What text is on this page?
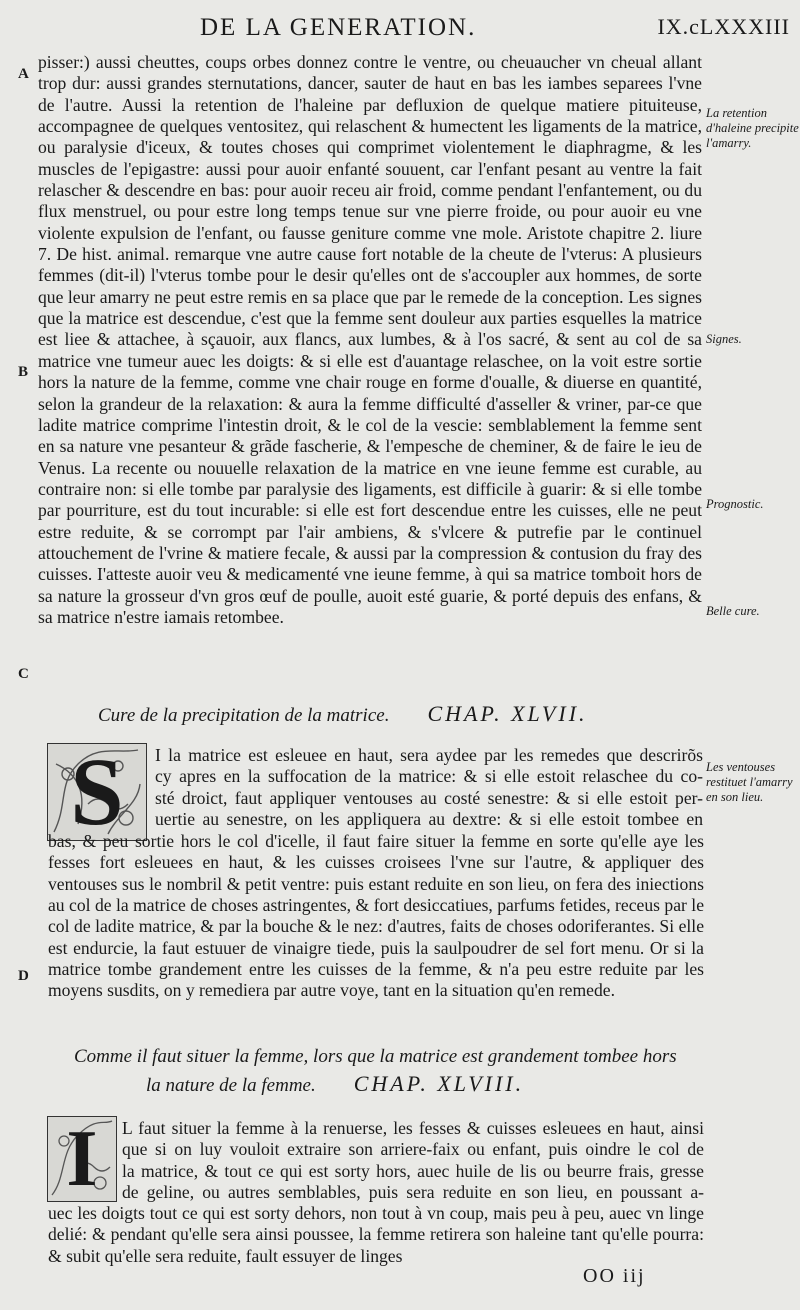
DE LA GENERATION.	IX.cLXXXIII
A
B
C
D
La retention d'haleine precipite l'amarry.
Signes.
Prognostic.
Belle cure.
Les ventouses restituet l'amarry en son lieu.

pisser:) aussi cheuttes, coups orbes donnez contre le ventre, ou cheuaucher vn cheual allant trop dur: aussi grandes sternutations, dancer, sauter de haut en bas les iambes separees l'vne de l'autre. Aussi la retention de l'haleine par defluxion de quelque matiere pituiteuse, accompagnee de quelques ventositez, qui relaschent & humectent les ligaments de la matrice, ou paralysie d'iceux, & toutes choses qui comprimet violentement le diaphragme, & les muscles de l'epigastre: aussi pour auoir enfanté souuent, car l'enfant pesant au ventre la fait relascher & descendre en bas: pour auoir receu air froid, comme pendant l'enfantement, ou du flux menstruel, ou pour estre long temps tenue sur vne pierre froide, ou pour auoir eu vne violente expulsion de l'enfant, ou fausse geniture comme vne mole. Aristote chapitre 2. liure 7. De hist. animal. remarque vne autre cause fort notable de la cheute de l'vterus: A plusieurs femmes (dit-il) l'vterus tombe pour le desir qu'elles ont de s'accoupler aux hommes, de sorte que leur amarry ne peut estre remis en sa place que par le remede de la conception. Les signes que la matrice est descendue, c'est que la femme sent douleur aux parties esquelles la matrice est liee & attachee, à sçauoir, aux flancs, aux lumbes, & à l'os sacré, & sent au col de sa matrice vne tumeur auec les doigts: & si elle est d'auantage relaschee, on la voit estre sortie hors la nature de la femme, comme vne chair rouge en forme d'oualle, & diuerse en quantité, selon la grandeur de la relaxation: & aura la femme difficulté d'asseller & vriner, par-ce que ladite matrice comprime l'intestin droit, & le col de la vescie: semblablement la femme sent en sa nature vne pesanteur & grãde fascherie, & l'empesche de cheminer, & de faire le ieu de Venus. La recente ou nouuelle relaxation de la matrice en vne ieune femme est curable, au contraire non: si elle tombe par paralysie des ligaments, est difficile à guarir: & si elle tombe par pourriture, est du tout incurable: si elle est fort descendue entre les cuisses, elle ne peut estre reduite, & se corrompt par l'air ambiens, & s'vlcere & putrefie par le continuel attouchement de l'vrine & matiere fecale, & aussi par la compression & contusion du fray des cuisses. I'atteste auoir veu & medicamenté vne ieune femme, à qui sa matrice tomboit hors de sa nature la grosseur d'vn gros œuf de poulle, auoit esté guarie, & porté depuis des enfans, & sa matrice n'estre iamais retombee.

Cure de la precipitation de la matrice. CHAP. XLVII.
S I la matrice est esleuee en haut, sera aydee par les remedes que descrirõs
cy apres en la suffocation de la matrice: & si elle estoit relaschee du co-
sté droict, faut appliquer ventouses au costé senestre: & si elle estoit per-
uertie au senestre, on les appliquera au dextre: & si elle estoit tombee en

bas, & peu sortie hors le col d'icelle, il faut faire situer la femme en sorte qu'elle aye les fesses fort esleuees en haut, & les cuisses croisees l'vne sur l'autre, & appliquer des ventouses sus le nombril & petit ventre: puis estant reduite en son lieu, on fera des iniections au col de la matrice de choses astringentes, & fort desiccatiues, parfums fetides, receus par le col de ladite matrice, & par la bouche & le nez: d'autres, faits de choses odoriferantes. Si elle est endurcie, la faut estuuer de vinaigre tiede, puis la saulpoudrer de sel fort menu. Or si la matrice tombe grandement entre les cuisses de la femme, & n'a peu estre reduite par les moyens susdits, on y remediera par autre voye, tant en la situation qu'en remede.

Comme il faut situer la femme, lors que la matrice est grandement tombee hors
la nature de la femme. CHAP. XLVIII.
I L faut situer la femme à la renuerse, les fesses & cuisses esleuees en haut, ainsi
que si on luy vouloit extraire son arriere-faix ou enfant, puis oindre le col de
la matrice, & tout ce qui est sorty hors, auec huile de lis ou beurre frais, gresse
de geline, ou autres semblables, puis sera reduite en son lieu, en poussant a-

uec les doigts tout ce qui est sorty dehors, non tout à vn coup, mais peu à peu, auec vn linge delié: & pendant qu'elle sera ainsi poussee, la femme retirera son haleine tant qu'elle pourra: & subit qu'elle sera reduite, fault essuyer de linges

OO iij
